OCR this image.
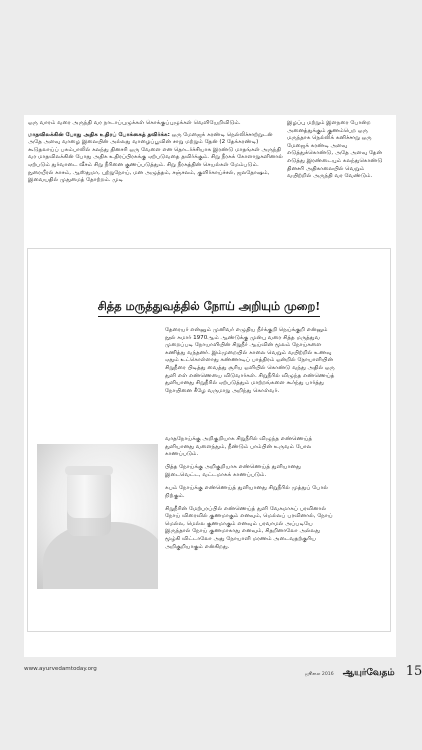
ஒரு வாரம் வரை அருந்தி வர நாடாப்புழுக்கள் கொக்குப்புழுக்கள் வெளியேறிவிடும்.

மாதவிலக்கின் போது அதிக உதிரப் போக்கைத் தவிர்க்க: ஒரு மேஜைக் கரண்டி நெல்லிச்சாற்றுடன் அதே அளவு வாழை இலையின் அல்லது வாழைப்பூவின் சாறு மற்றும் தேன் (2 தேக்கரண்டி) கூடுதலாய்ப் பசும்பாலில் கலந்து தினசரி ஒரு வேளை என தொடர்ச்சியாக இரண்டு மாதங்கள் அருந்தி வர மாதவிலக்கின் போது அதிக உதிரப்பிரசுக்கு ஏற்படுவதை தவிர்க்கும். சிறு நீரகக் கோளாறுகளினால் ஏற்படும் துர்வாடை வீசம் சிறு நீரினை குணப்படுத்தும். சிறு நீரகத்தின் செயல்கள் மேம்படும். நுரையீரல் காசம், ஆஸ்துமா, புற்றுநோய், மன அழுத்தம், சஞ்சலம், குளிர்காய்ச்சல், ஜலதோஷம், இவையதில் முதுமைத் தோற்றம். முடி

இழப்பு மற்றும் இளநரை போன்ற அனைத்துக்கும் குணம்பெற ஒரு மருந்தாக நெல்லிக் கனிச்சாறு ஒரு மேஜைக் கரண்டி அளவு எடுத்துக்கொண்டு, அதே அளவு தேன் எடுத்து இரண்டையும் கலந்துகொண்டு தினசரி அதிகாலையில் வெறும் வயிற்றில் அருந்தி வர வேண்டும்.

சித்த மருத்துவத்தில் நோய் அறியும் முறை!

தேரையர் என்னும் முனிவர் எழுதிய நீர்க்குறி நெய்க்குறி என்னும் நூல் சுமார் 1970ஆம் ஆண்டுக்கு முன்பு வரை சித்த மருத்துவ முறைப்படி நோயாளியின் சிறுநீர் ஆய்வின் மூலம் நோய்களை கணித்து வந்தனர். இம்முறையில் காலை வெறும் வயிற்றில் உணவு ஏதும் உட்கொள்ளாது கண்ணாடிப் பாத்திரம் ஒன்றில் நோயாளியின் சிறுநீரை பிடித்து வைத்து சூரிய ஒளியில் கொண்டு வந்து அதில் ஒரு துளி எள் எண்ணெயை விடுவார்கள். சிறுநீரில் விழுந்த எண்ணெய்த் துளியானது சிறுநீரில் ஏற்படுத்தும் மாற்றங்களை கூர்ந்து பார்த்து நோயினை கீழே வருமாறு அறிந்து கொள்வர்.

வாதநோய்க்கு அறிகுறியாக சிறுநீரில் விழுந்த எண்ணெய்த் துளியானது வளைந்தும், நீண்டும் பாம்பின் உருவம் போல காணப்படும்.

பித்த நோய்க்கு அறிகுறியாக எண்ணெய்த் துளியானது இடைவெட்ட, வட்டமாகக் காணப்படும்.

கபம் நோய்க்கு எண்ணெய்த் துளியானது சிறுநீரில் முத்துப் போல் நிற்கும்.

சிறுநீரின் மேற்பரப்பில் எண்ணெய்த் துளி வேகமாகப் பரவினால் நோய் விரைவில் குணமாகும் எனவும், மெல்லப் பரவினால், நோய் மெல்ல, மெல்ல குணமாகும் எனவும் பரவாமல் அப்படியே இருந்தால் நோய் குணமாகாது எனவும், சிதறினாலோ அல்லது மூழ்கி விட்டாலோ அது நோயாளி மரணம் அடைவதற்குரிய அறிகுறியாகும் என்கிறது.

www.ayurvedamtoday.org
ஜூலை 2016 ஆயுர்வேதம் 15
